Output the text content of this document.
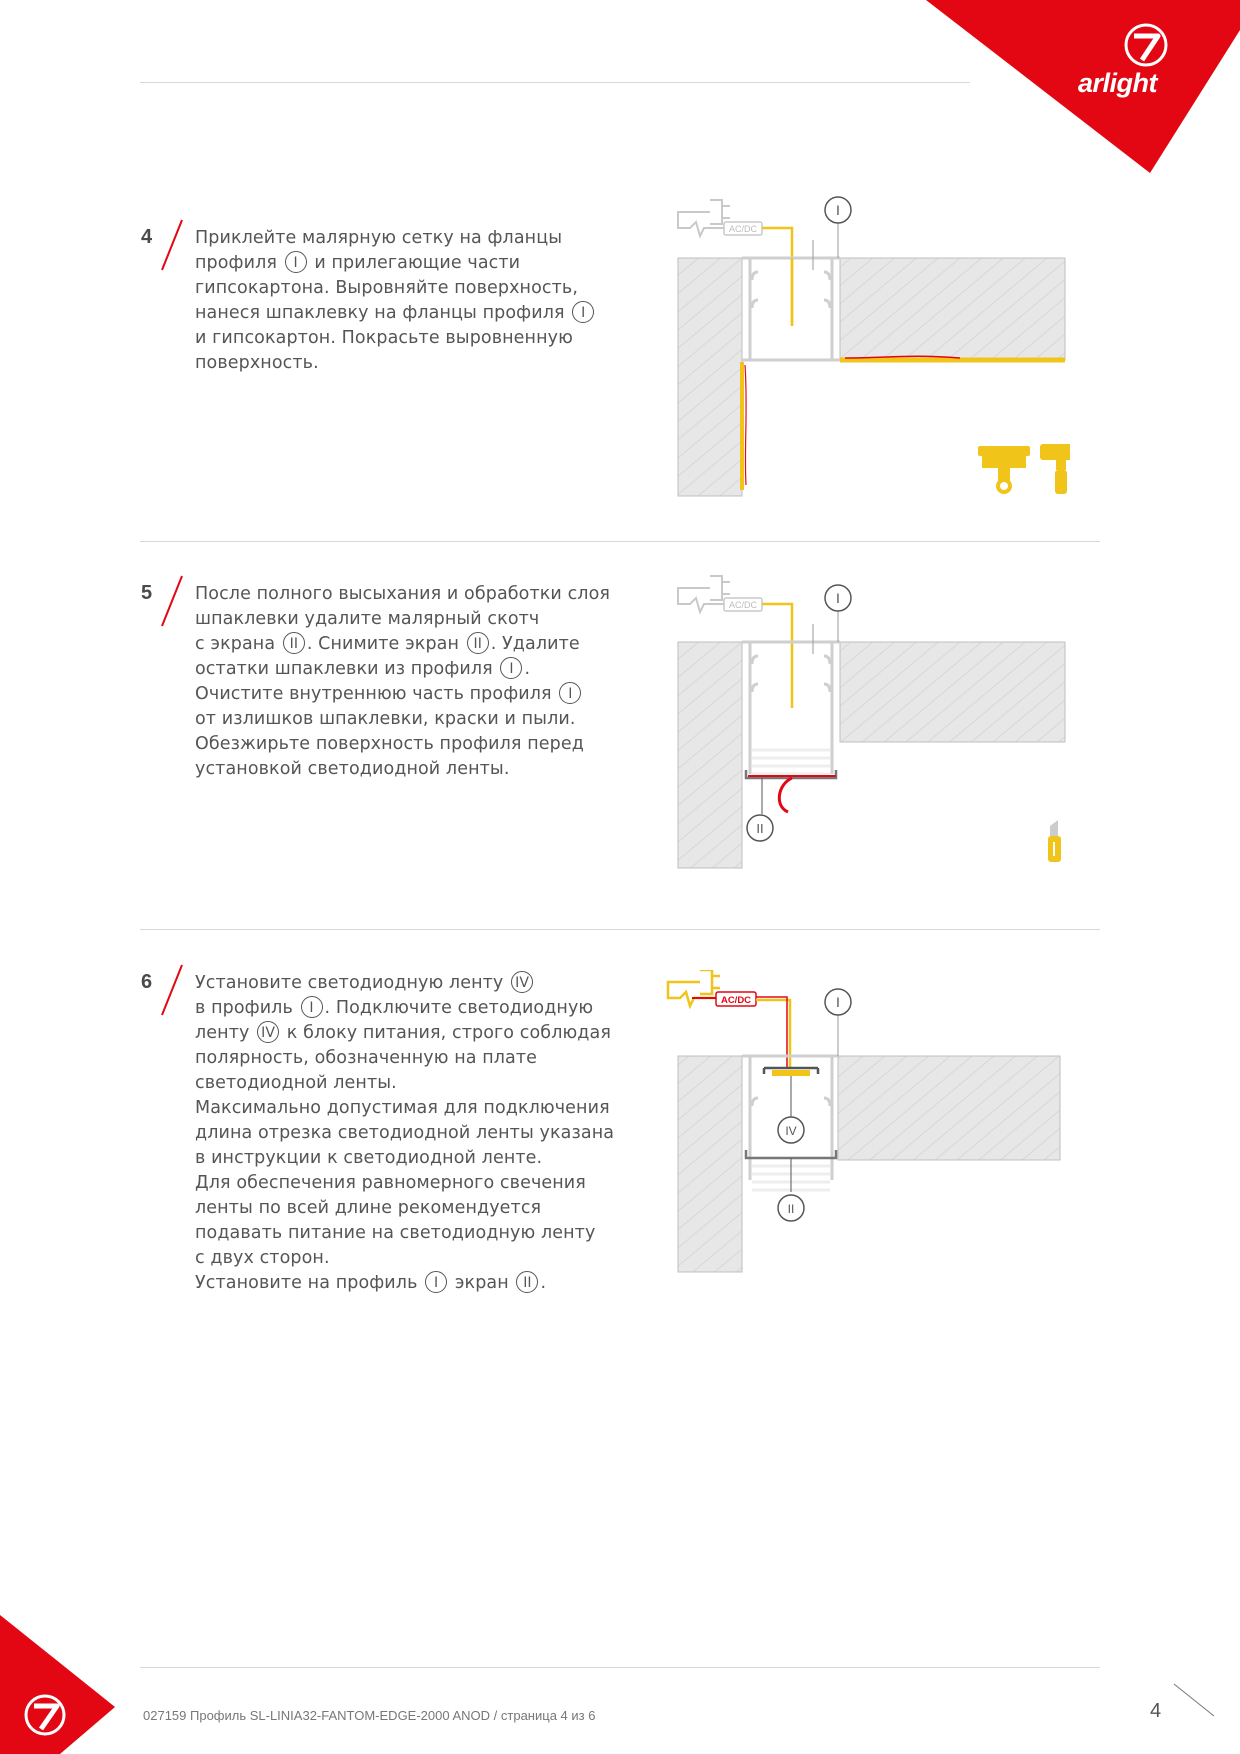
arlight
4 Приклейте малярную сетку на фланцы
профиля I и прилегающие части
гипсокартона. Выровняйте поверхность,
нанеся шпаклевку на фланцы профиля I
и гипсокартон. Покрасьте выровненную
поверхность.
5 После полного высыхания и обработки слоя
шпаклевки удалите малярный скотч
с экрана II . Снимите экран II . Удалите
остатки шпаклевки из профиля I .
Очистите внутреннюю часть профиля I
от излишков шпаклевки, краски и пыли.
Обезжирьте поверхность профиля перед
установкой светодиодной ленты.
6 Установите светодиодную ленту IV
в профиль I . Подключите светодиодную
ленту IV к блоку питания, строго соблюдая
полярность, обозначенную на плате
светодиодной ленты.
Максимально допустимая для подключения
длина отрезка светодиодной ленты указана
в инструкции к светодиодной ленте.
Для обеспечения равномерного свечения
ленты по всей длине рекомендуется
подавать питание на светодиодную ленту
с двух сторон.
Установите на профиль I экран II .
AC/DC
I
AC/DC	I
II
AC/DC	I
IV
II
027159 Профиль SL-LINIA32-FANTOM-EDGE-2000 ANOD / страница 4 из 6	4
